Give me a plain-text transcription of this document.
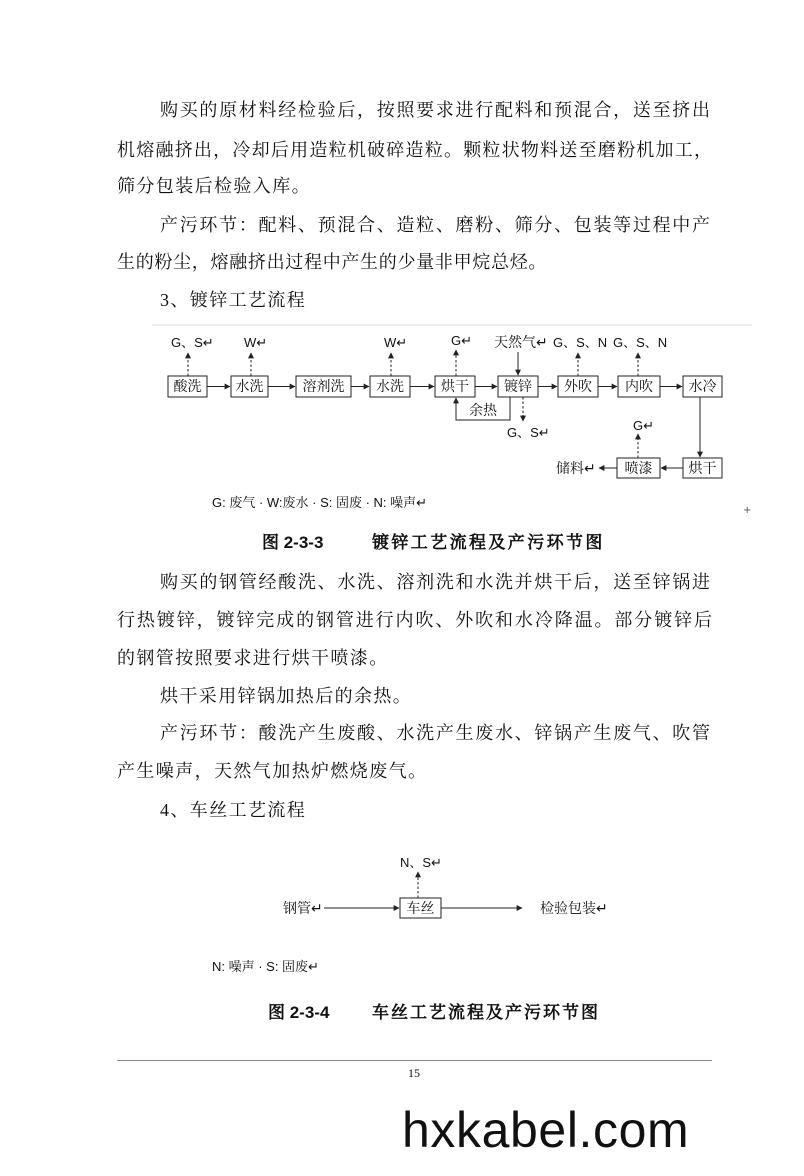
购买的原材料经检验后，按照要求进行配料和预混合，送至挤出
机熔融挤出，冷却后用造粒机破碎造粒。颗粒状物料送至磨粉机加工，
筛分包装后检验入库。
产污环节：配料、预混合、造粒、磨粉、筛分、包装等过程中产
生的粉尘，熔融挤出过程中产生的少量非甲烷总烃。
3、镀锌工艺流程
酸洗 水洗	溶剂洗 水洗	烘干	镀锌 外吹 内吹	水冷
G、S↵ W↵	W↵	G↵ 天然气↵ G、S、N G、S、N
余热
G、S↵
烘干
喷漆
储料↵
G↵
G: 废气 · W:废水 · S: 固废 · N: 噪声↵
+
图 2-3-3	镀锌工艺流程及产污环节图
购买的钢管经酸洗、水洗、溶剂洗和水洗并烘干后，送至锌锅进
行热镀锌，镀锌完成的钢管进行内吹、外吹和水冷降温。部分镀锌后
的钢管按照要求进行烘干喷漆。
烘干采用锌锅加热后的余热。
产污环节：酸洗产生废酸、水洗产生废水、锌锅产生废气、吹管
产生噪声，天然气加热炉燃烧废气。
4、车丝工艺流程
N、S↵
钢管↵	车丝	检验包装↵
N: 噪声 · S: 固废↵
图 2-3-4	车丝工艺流程及产污环节图
15
hxkabel.com
